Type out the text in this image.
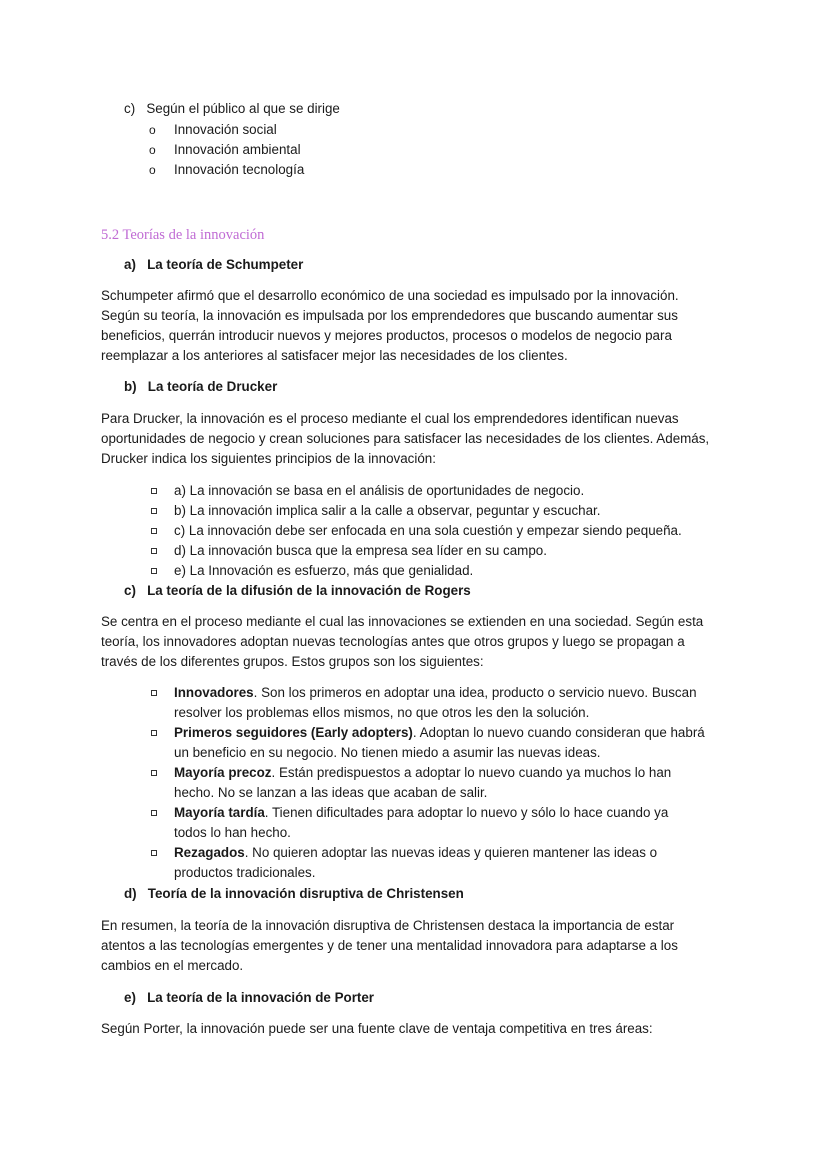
c)   Según el público al que se dirige
o Innovación social
o Innovación ambiental
o Innovación tecnología
5.2 Teorías de la innovación
a)   La teoría de Schumpeter
Schumpeter afirmó que el desarrollo económico de una sociedad es impulsado por la innovación.
Según su teoría, la innovación es impulsada por los emprendedores que buscando aumentar sus
beneficios, querrán introducir nuevos y mejores productos, procesos o modelos de negocio para
reemplazar a los anteriores al satisfacer mejor las necesidades de los clientes.
b)   La teoría de Drucker
Para Drucker, la innovación es el proceso mediante el cual los emprendedores identifican nuevas
oportunidades de negocio y crean soluciones para satisfacer las necesidades de los clientes. Además,
Drucker indica los siguientes principios de la innovación:
a) La innovación se basa en el análisis de oportunidades de negocio.
b) La innovación implica salir a la calle a observar, peguntar y escuchar.
c) La innovación debe ser enfocada en una sola cuestión y empezar siendo pequeña.
d) La innovación busca que la empresa sea líder en su campo.
e) La Innovación es esfuerzo, más que genialidad.
c)   La teoría de la difusión de la innovación de Rogers
Se centra en el proceso mediante el cual las innovaciones se extienden en una sociedad. Según esta
teoría, los innovadores adoptan nuevas tecnologías antes que otros grupos y luego se propagan a
través de los diferentes grupos. Estos grupos son los siguientes:
Innovadores. Son los primeros en adoptar una idea, producto o servicio nuevo. Buscan
resolver los problemas ellos mismos, no que otros les den la solución.
Primeros seguidores (Early adopters). Adoptan lo nuevo cuando consideran que habrá
un beneficio en su negocio. No tienen miedo a asumir las nuevas ideas.
Mayoría precoz. Están predispuestos a adoptar lo nuevo cuando ya muchos lo han
hecho. No se lanzan a las ideas que acaban de salir.
Mayoría tardía. Tienen dificultades para adoptar lo nuevo y sólo lo hace cuando ya
todos lo han hecho.
Rezagados. No quieren adoptar las nuevas ideas y quieren mantener las ideas o
productos tradicionales.
d)   Teoría de la innovación disruptiva de Christensen
En resumen, la teoría de la innovación disruptiva de Christensen destaca la importancia de estar
atentos a las tecnologías emergentes y de tener una mentalidad innovadora para adaptarse a los
cambios en el mercado.
e)   La teoría de la innovación de Porter
Según Porter, la innovación puede ser una fuente clave de ventaja competitiva en tres áreas:
